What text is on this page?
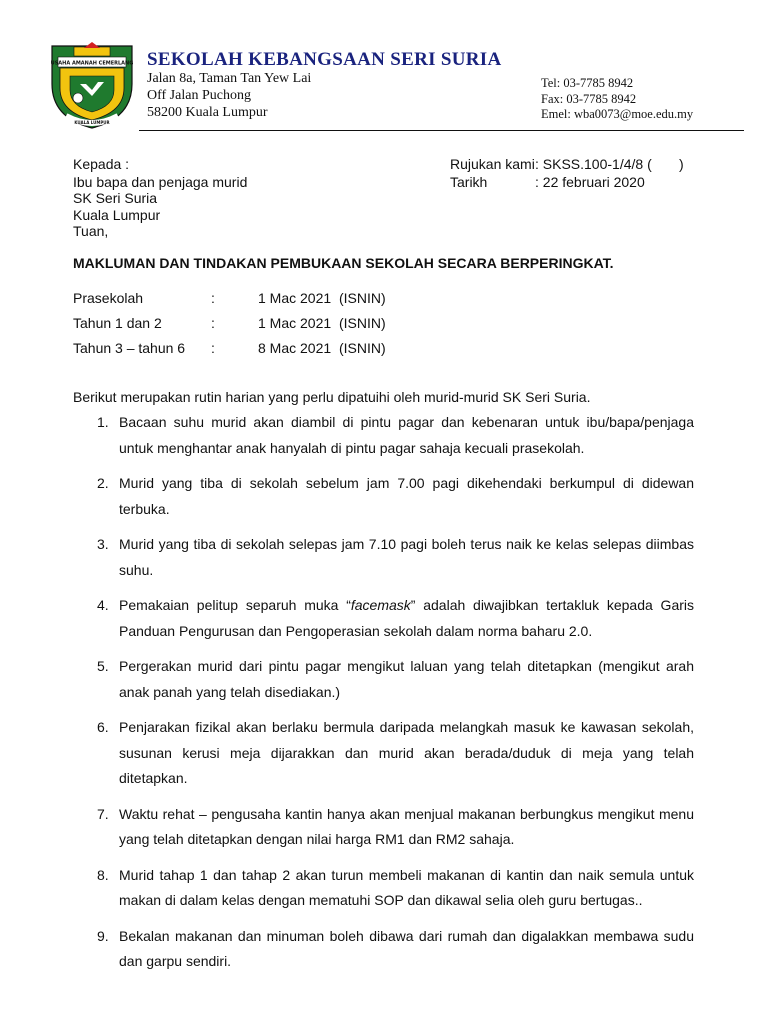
USAHA AMANAH CEMERLANG
KUALA LUMPUR
SEKOLAH KEBANGSAAN SERI SURIA
Jalan 8a, Taman Tan Yew Lai
Off Jalan Puchong
58200 Kuala Lumpur
Tel: 03-7785 8942
Fax: 03-7785 8942
Emel: wba0073@moe.edu.my
Kepada :
Ibu bapa dan penjaga murid
SK Seri Suria
Kuala Lumpur
Tuan,
Rujukan kami : SKSS.100-1/4/8 (       )
Tarikh	: 22 februari 2020
MAKLUMAN DAN TINDAKAN PEMBUKAAN SEKOLAH SECARA BERPERINGKAT.
Prasekolah	:	1 Mac 2021  (ISNIN)
Tahun 1 dan 2	:	1 Mac 2021  (ISNIN)
Tahun 3 – tahun 6 :	8 Mac 2021  (ISNIN)
Berikut merupakan rutin harian yang perlu dipatuihi oleh murid-murid SK Seri Suria.
1. Bacaan suhu murid akan diambil di pintu pagar dan kebenaran untuk ibu/bapa/penjaga untuk menghantar anak hanyalah di pintu pagar sahaja kecuali prasekolah.
2. Murid yang tiba di sekolah sebelum jam 7.00 pagi dikehendaki berkumpul di didewan terbuka.
3. Murid yang tiba di sekolah selepas jam 7.10 pagi boleh terus naik ke kelas selepas diimbas suhu.
4. Pemakaian pelitup separuh muka “facemask” adalah diwajibkan tertakluk kepada Garis Panduan Pengurusan dan Pengoperasian sekolah dalam norma baharu 2.0.
5. Pergerakan murid dari pintu pagar mengikut laluan yang telah ditetapkan (mengikut arah anak panah yang telah disediakan.)
6. Penjarakan fizikal akan berlaku bermula daripada melangkah masuk ke kawasan sekolah, susunan kerusi meja dijarakkan dan murid akan berada/duduk di meja yang telah ditetapkan.
7. Waktu rehat – pengusaha kantin hanya akan menjual makanan berbungkus mengikut menu yang telah ditetapkan dengan nilai harga RM1 dan RM2 sahaja.
8. Murid tahap 1 dan tahap 2 akan turun membeli makanan di kantin dan naik semula untuk makan di dalam kelas dengan mematuhi SOP dan dikawal selia oleh guru bertugas..
9. Bekalan makanan dan minuman boleh dibawa dari rumah dan digalakkan membawa sudu dan garpu sendiri.
